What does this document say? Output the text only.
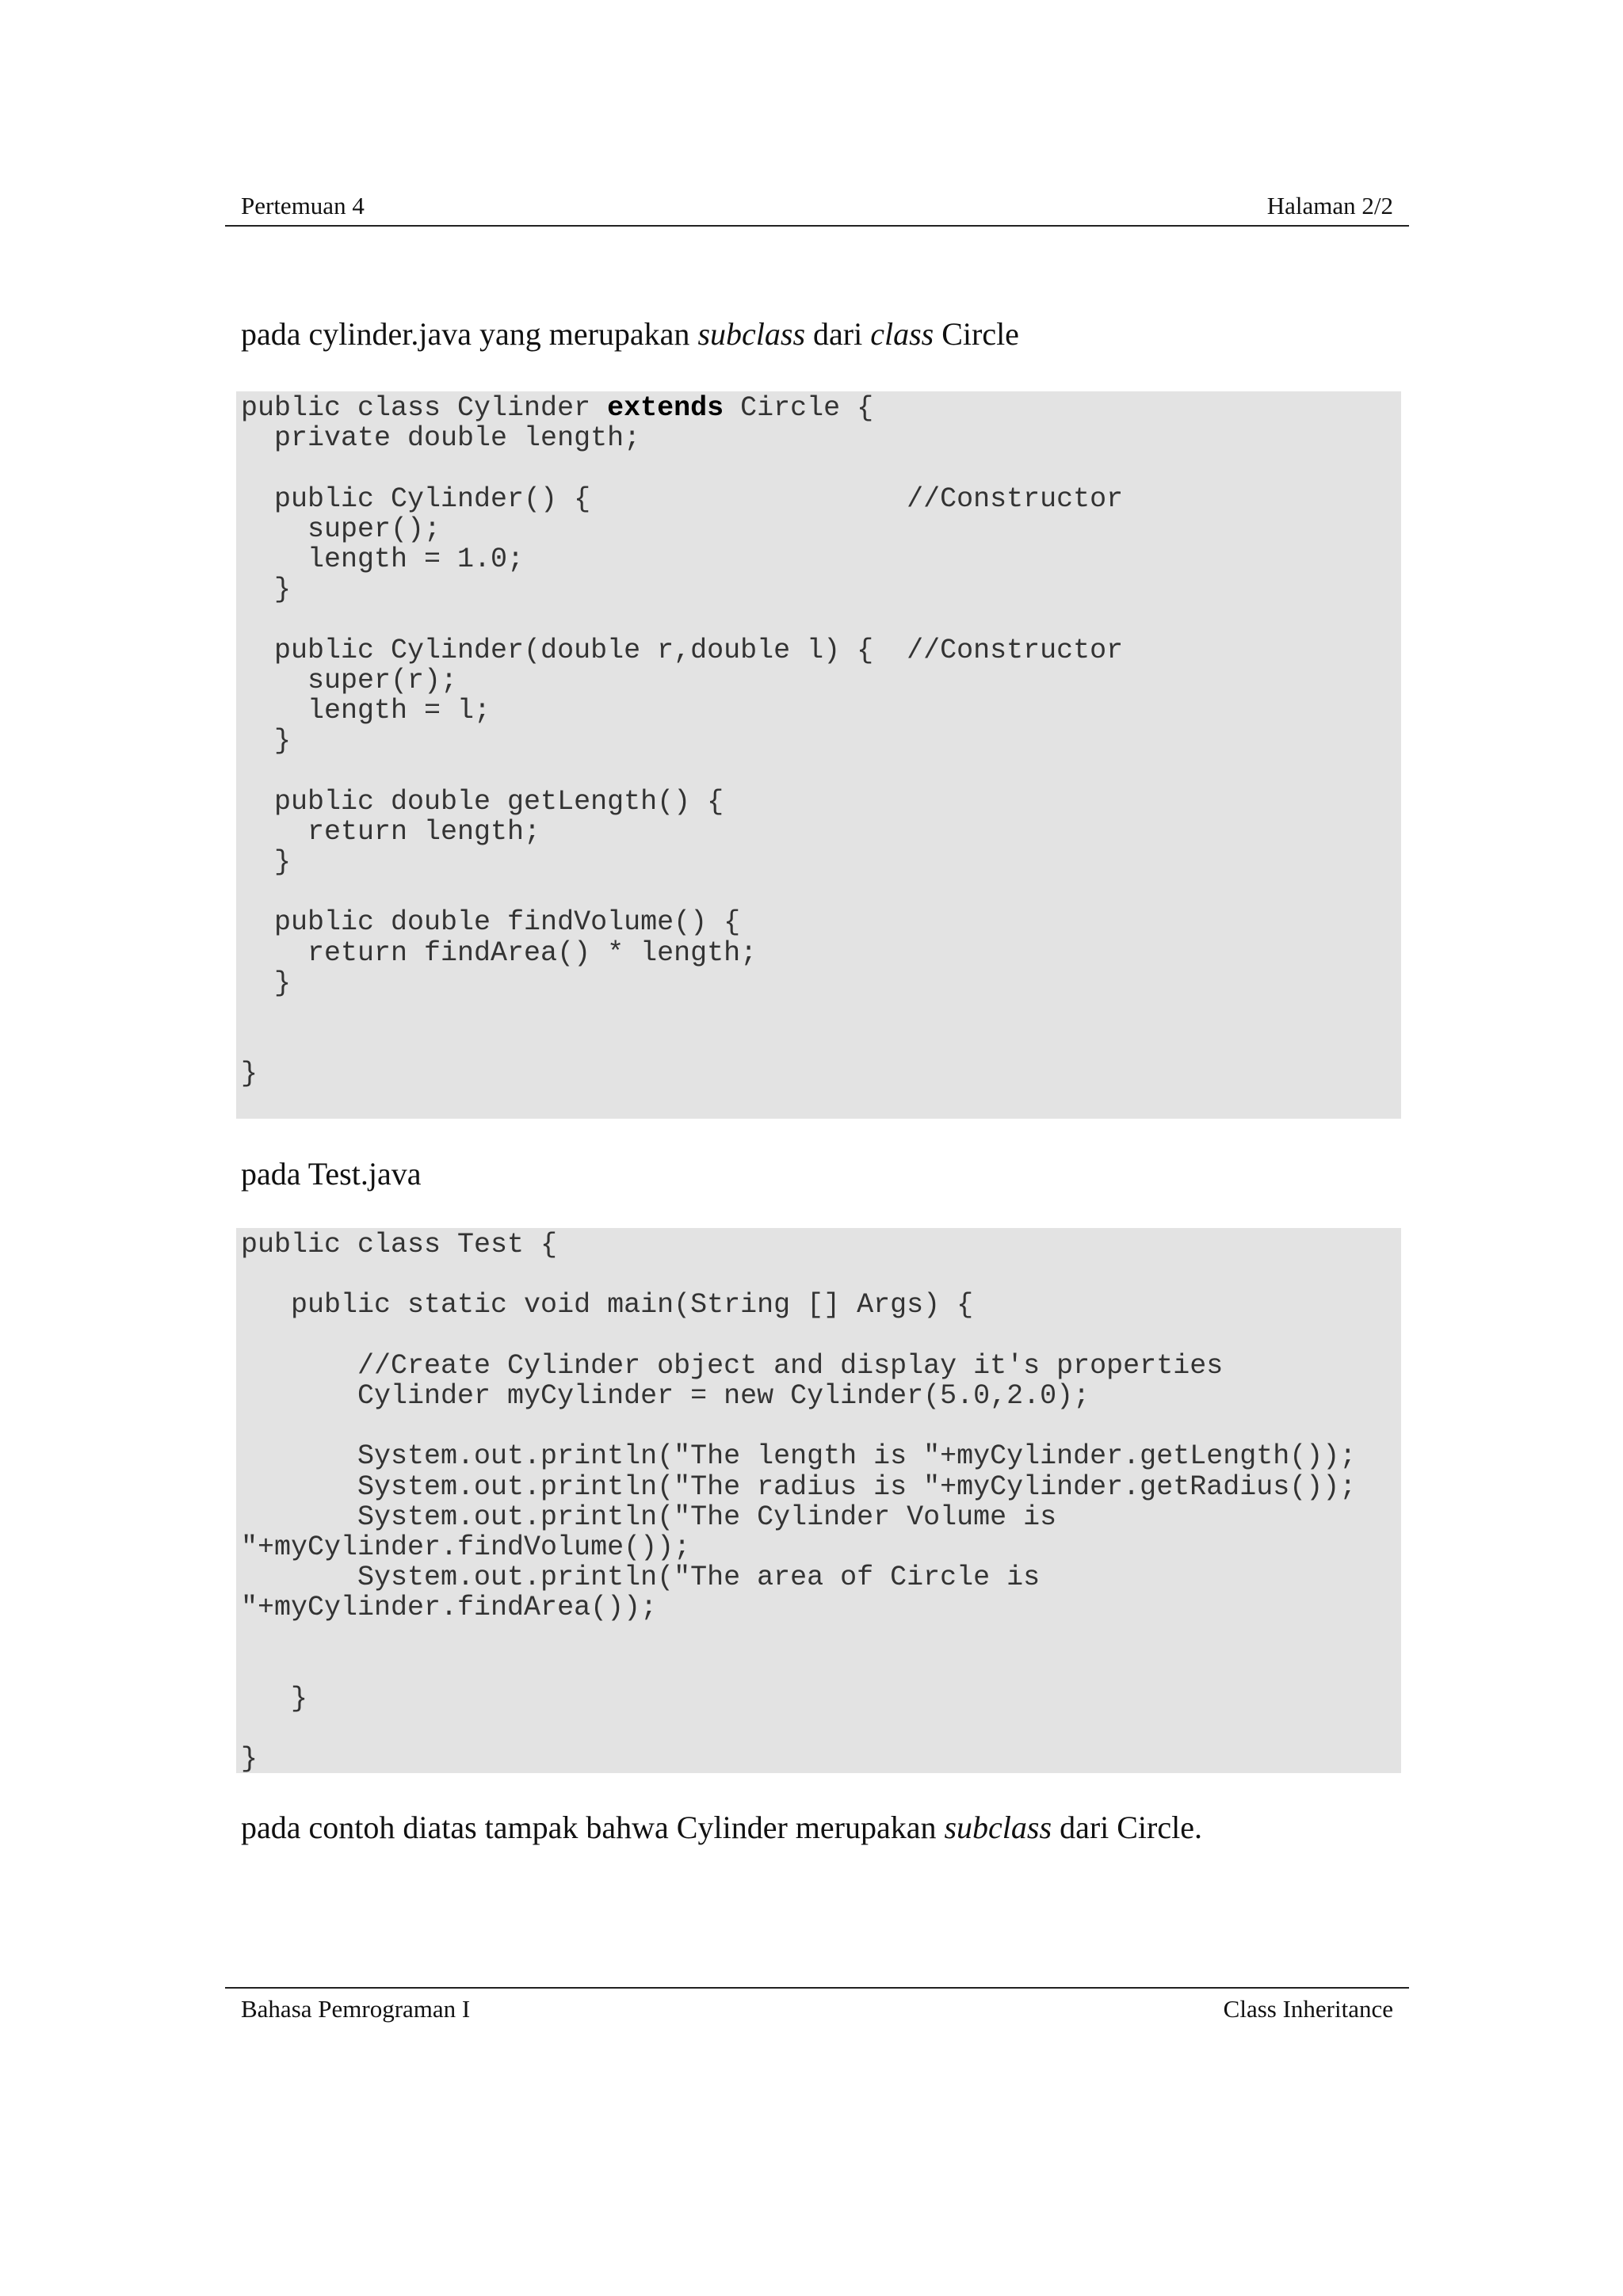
Pertemuan 4	Halaman 2/2
pada cylinder.java yang merupakan subclass dari class Circle
public class Cylinder extends Circle {
private double length;

public Cylinder() {                   //Constructor
super();
length = 1.0;
}

public Cylinder(double r,double l) {  //Constructor
super(r);
length = l;
}

public double getLength() {
return length;
}

public double findVolume() {
return findArea() * length;
}

}
pada Test.java
public class Test {

public static void main(String [] Args) {

//Create Cylinder object and display it's properties
Cylinder myCylinder = new Cylinder(5.0,2.0);

System.out.println("The length is "+myCylinder.getLength());
System.out.println("The radius is "+myCylinder.getRadius());
System.out.println("The Cylinder Volume is
"+myCylinder.findVolume());
System.out.println("The area of Circle is
"+myCylinder.findArea());

}

}
pada contoh diatas tampak bahwa Cylinder merupakan subclass dari Circle.
Bahasa Pemrograman I	Class Inheritance
